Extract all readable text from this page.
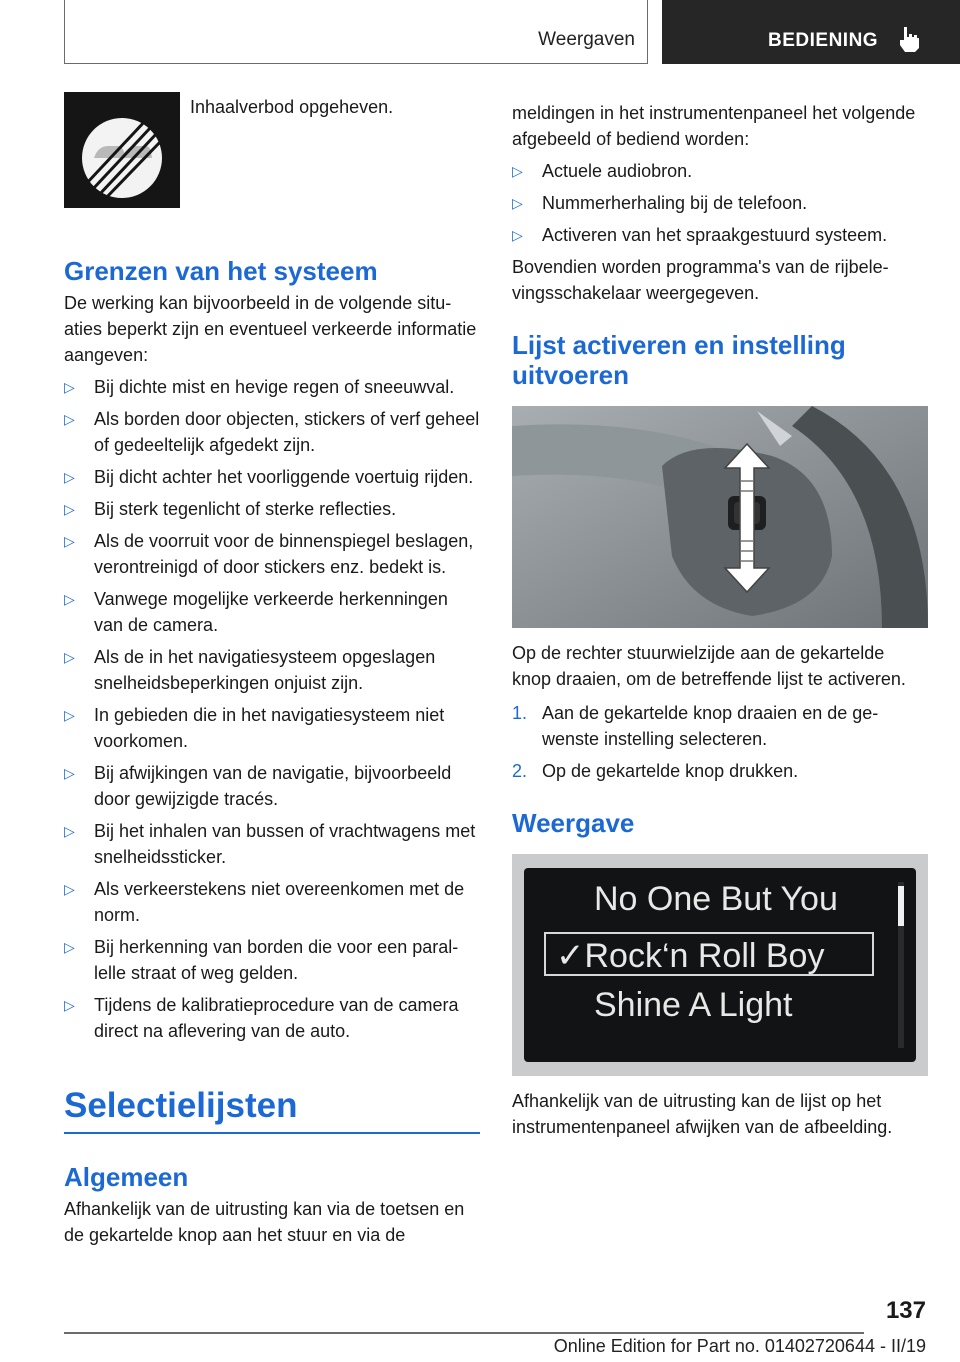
Weergaven	BEDIENING
Inhaalverbod opgeheven.
Grenzen van het systeem

De werking kan bijvoorbeeld in de volgende situaties beperkt zijn en eventueel verkeerde informatie aangeven:

▷ Bij dichte mist en hevige regen of sneeuwval.
▷ Als borden door objecten, stickers of verf geheel of gedeeltelijk afgedekt zijn.
▷ Bij dicht achter het voorliggende voertuig rijden.
▷ Bij sterk tegenlicht of sterke reflecties.
▷ Als de voorruit voor de binnenspiegel beslagen, verontreinigd of door stickers enz. bedekt is.
▷ Vanwege mogelijke verkeerde herkenningen van de camera.
▷ Als de in het navigatiesysteem opgeslagen snelheidsbeperkingen onjuist zijn.
▷ In gebieden die in het navigatiesysteem niet voorkomen.
▷ Bij afwijkingen van de navigatie, bijvoorbeeld door gewijzigde tracés.
▷ Bij het inhalen van bussen of vrachtwagens met snelheidssticker.
▷ Als verkeerstekens niet overeenkomen met de norm.
▷ Bij herkenning van borden die voor een parallelle straat of weg gelden.
▷ Tijdens de kalibratieprocedure van de camera direct na aflevering van de auto.
Selectielijsten
Algemeen

Afhankelijk van de uitrusting kan via de toetsen en de gekartelde knop aan het stuur en via de

meldingen in het instrumentenpaneel het volgende afgebeeld of bediend worden:

▷ Actuele audiobron.
▷ Nummerherhaling bij de telefoon.
▷ Activeren van het spraakgestuurd systeem.

Bovendien worden programma's van de rijbelevingsschakelaar weergegeven.

Lijst activeren en instelling uitvoeren

Op de rechter stuurwielzijde aan de gekartelde knop draaien, om de betreffende lijst te activeren.

1. Aan de gekartelde knop draaien en de gewenste instelling selecteren.
2. Op de gekartelde knop drukken.
Weergave
No One But You
✓Rock‘n Roll Boy
Shine A Light

Afhankelijk van de uitrusting kan de lijst op het instrumentenpaneel afwijken van de afbeelding.

137
Online Edition for Part no. 01402720644 - II/19
